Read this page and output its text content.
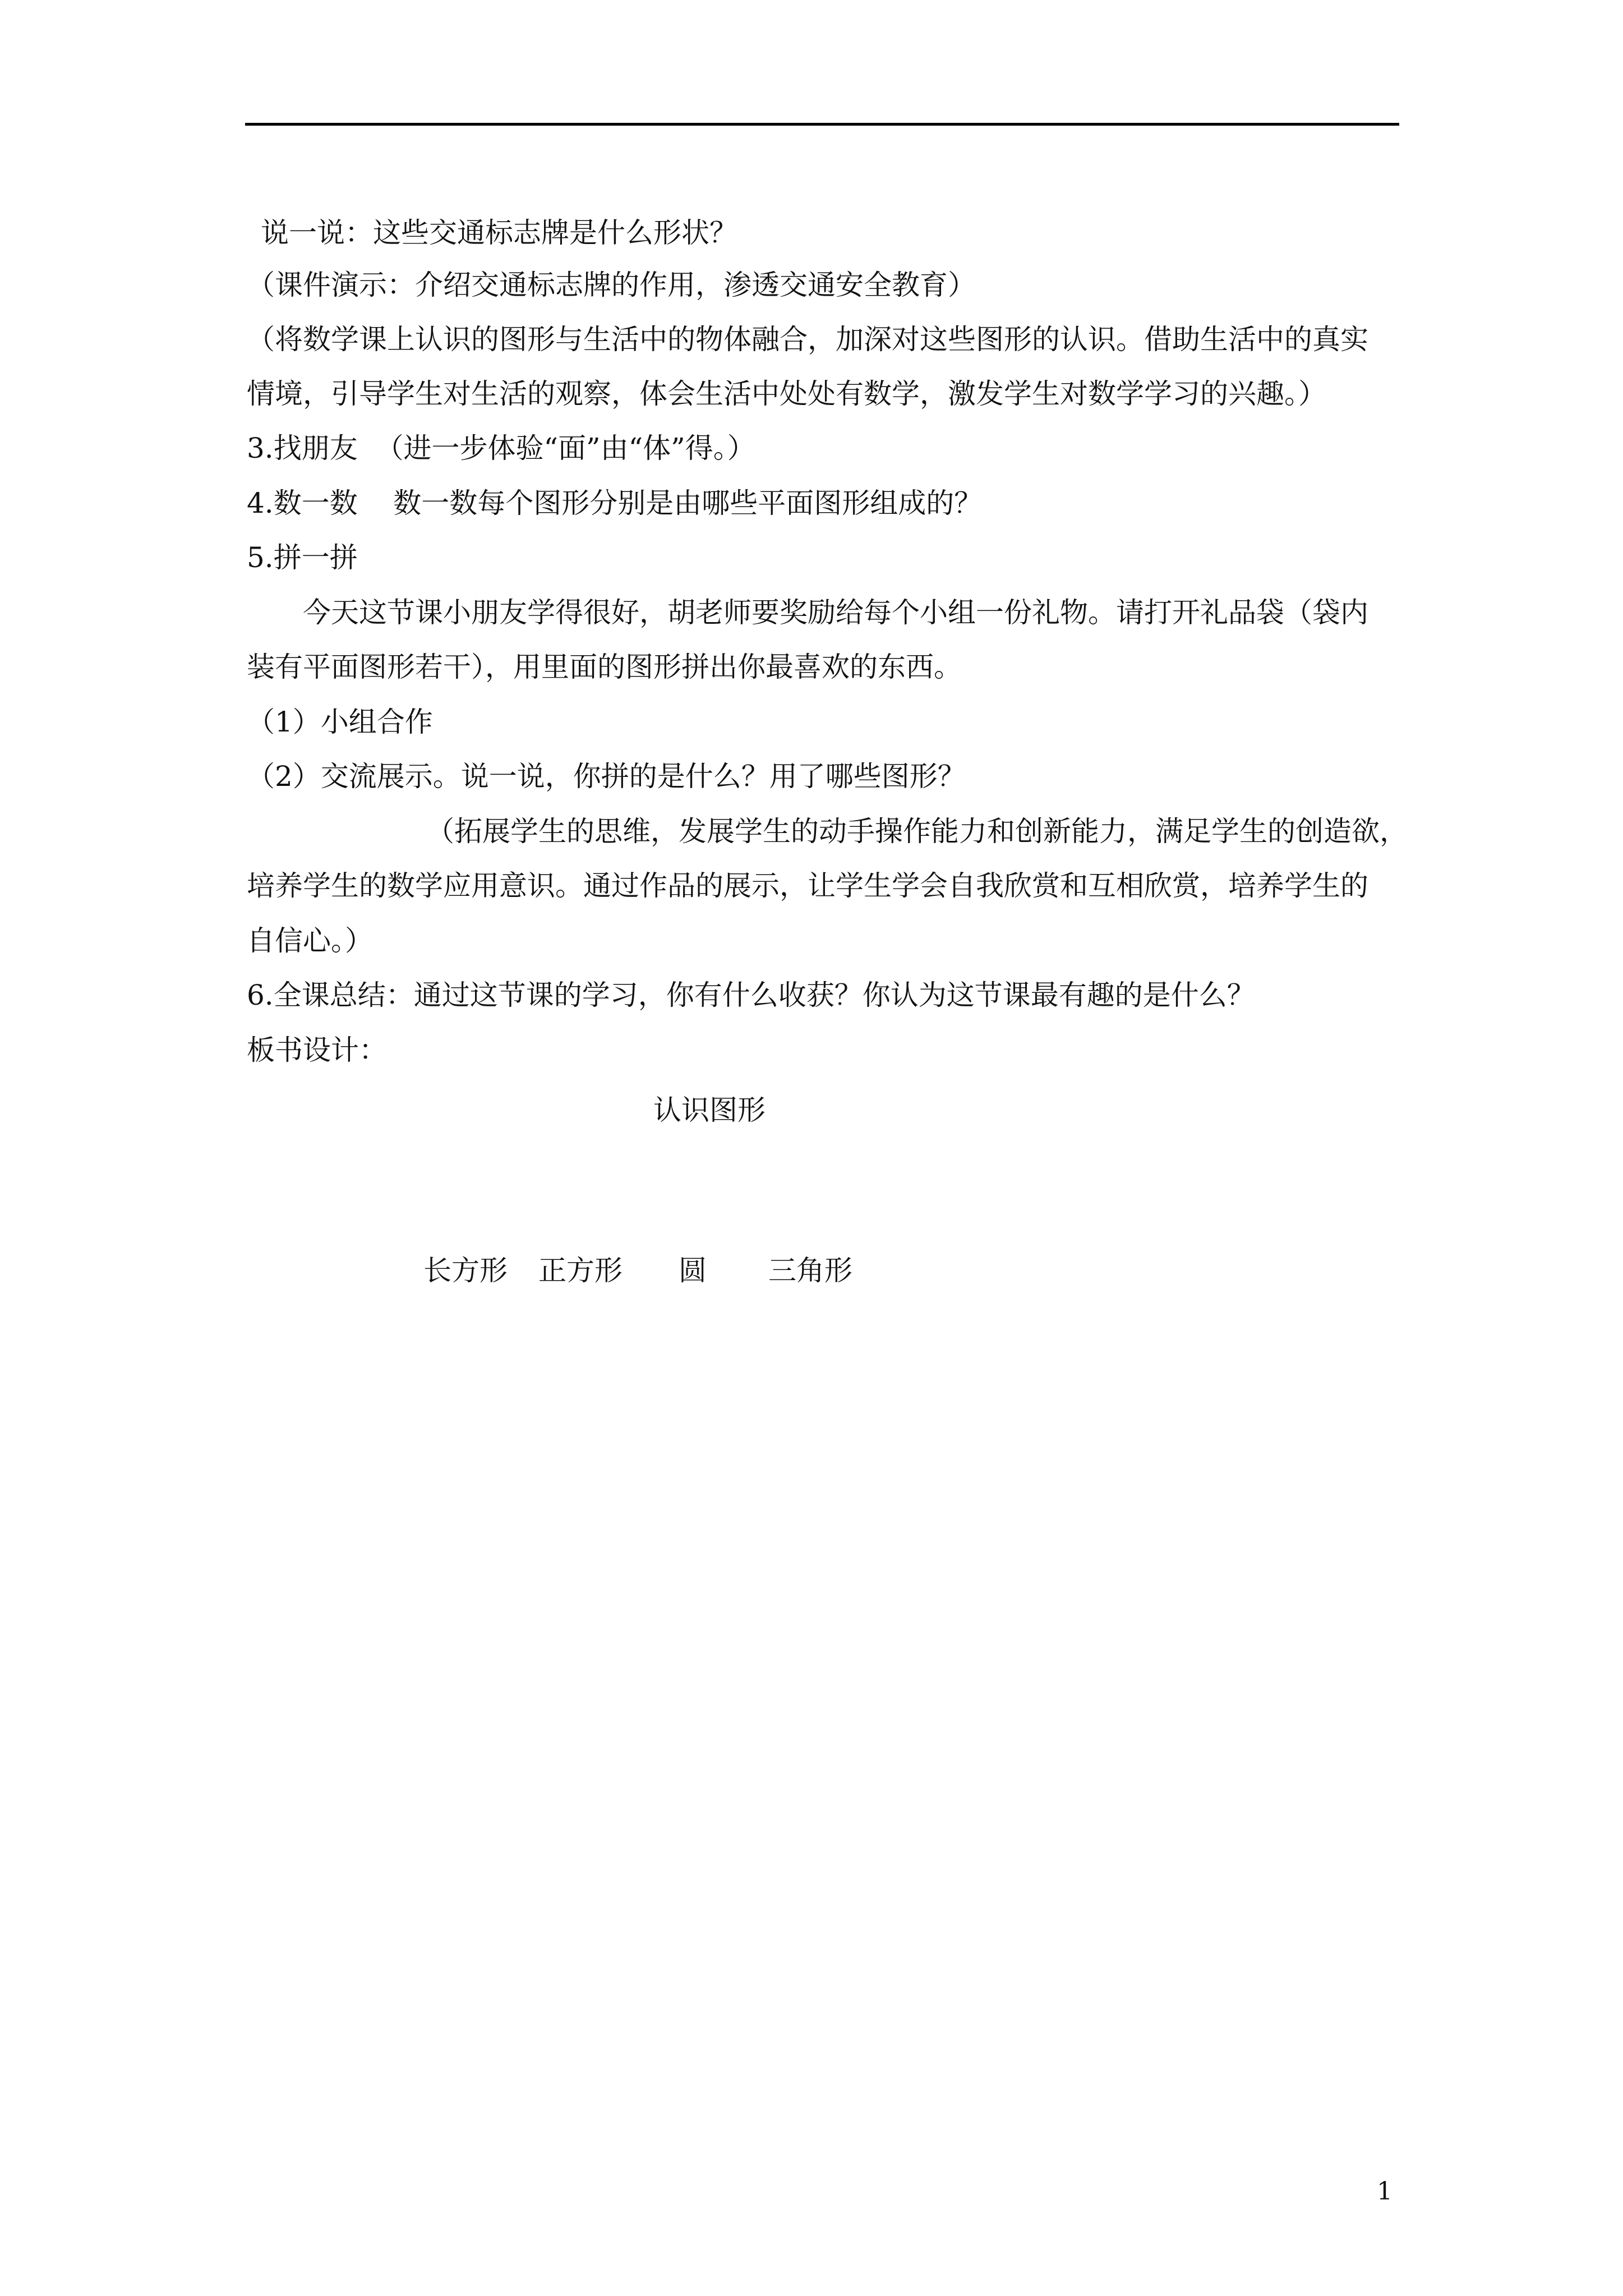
说一说：这些交通标志牌是什么形状？
（课件演示：介绍交通标志牌的作用，渗透交通安全教育）
（将数学课上认识的图形与生活中的物体融合，加深对这些图形的认识。借助生活中的真实
情境，引导学生对生活的观察，体会生活中处处有数学，激发学生对数学学习的兴趣。）
3.找朋友  （进一步体验“面”由“体”得。）
4.数一数    数一数每个图形分别是由哪些平面图形组成的？
5.拼一拼
今天这节课小朋友学得很好，胡老师要奖励给每个小组一份礼物。请打开礼品袋（袋内
装有平面图形若干），用里面的图形拼出你最喜欢的东西。
（1）小组合作
（2）交流展示。说一说，你拼的是什么？用了哪些图形？
（拓展学生的思维，发展学生的动手操作能力和创新能力，满足学生的创造欲，
培养学生的数学应用意识。通过作品的展示，让学生学会自我欣赏和互相欣赏，培养学生的
自信心。）
6.全课总结：通过这节课的学习，你有什么收获？你认为这节课最有趣的是什么？
板书设计：
认识图形
长方形 正方形 圆 三角形
1
